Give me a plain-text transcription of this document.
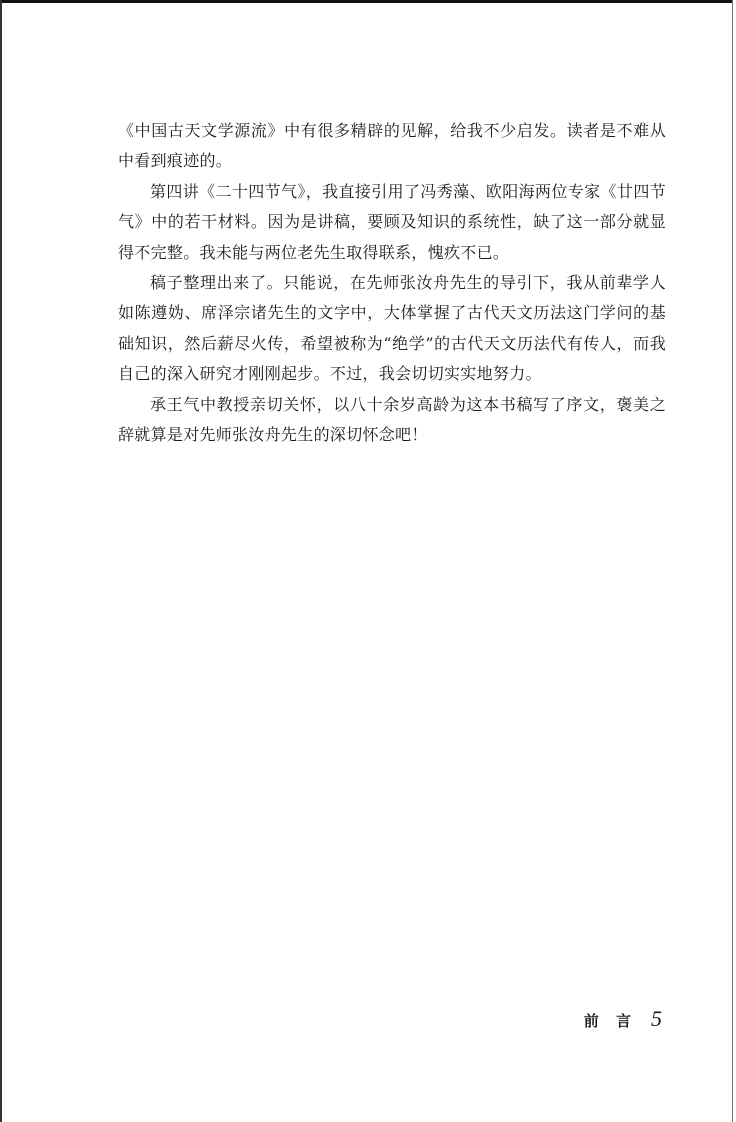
《中国古天文学源流》中有很多精辟的见解，给我不少启发。读者是不难从中看到痕迹的。

第四讲《二十四节气》，我直接引用了冯秀藻、欧阳海两位专家《廿四节气》中的若干材料。因为是讲稿，要顾及知识的系统性，缺了这一部分就显得不完整。我未能与两位老先生取得联系，愧疚不已。

稿子整理出来了。只能说，在先师张汝舟先生的导引下，我从前辈学人如陈遵妫、席泽宗诸先生的文字中，大体掌握了古代天文历法这门学问的基础知识，然后薪尽火传，希望被称为“绝学”的古代天文历法代有传人，而我自己的深入研究才刚刚起步。不过，我会切切实实地努力。

承王气中教授亲切关怀，以八十余岁高龄为这本书稿写了序文，褒美之辞就算是对先师张汝舟先生的深切怀念吧！

前 言 5
